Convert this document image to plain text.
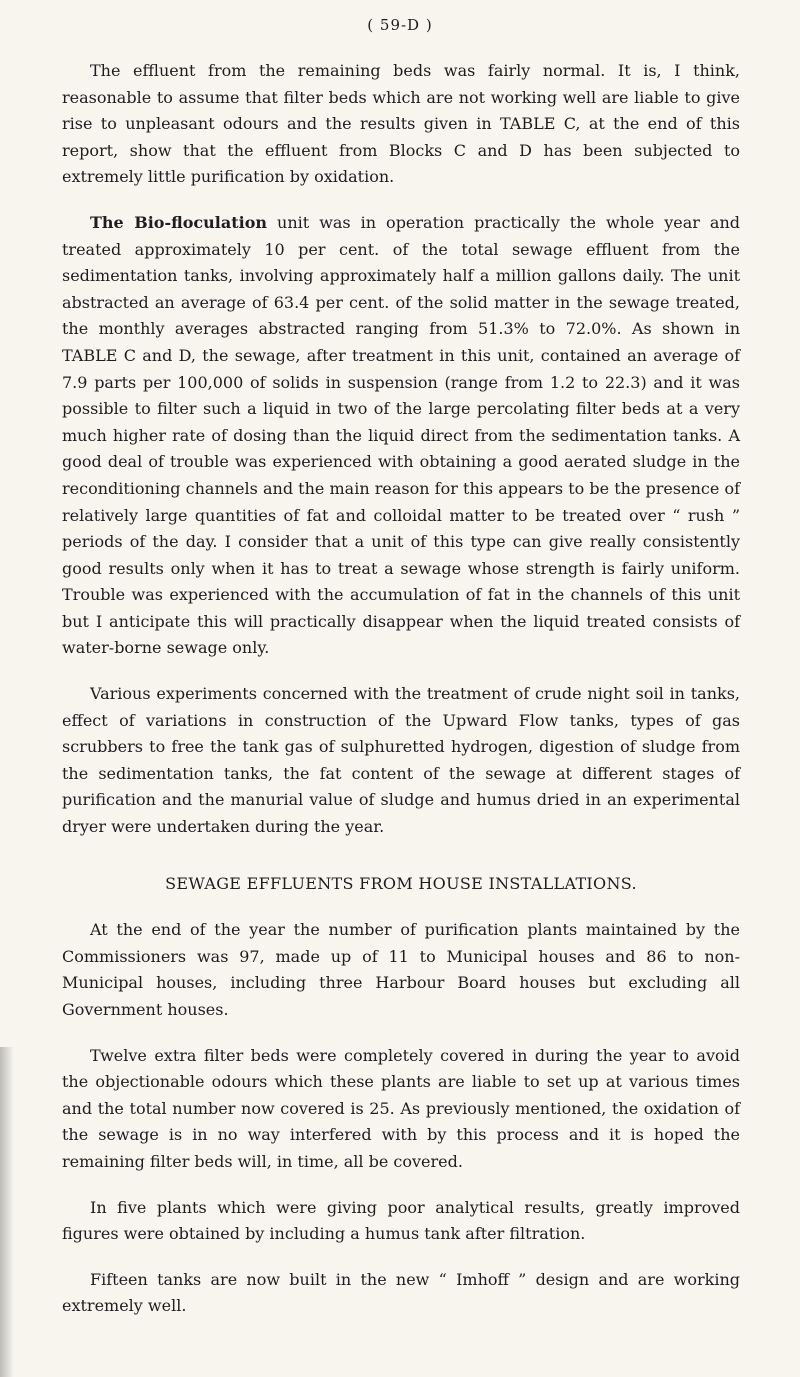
( 59-D )

The effluent from the remaining beds was fairly normal. It is, I think, reasonable to assume that filter beds which are not working well are liable to give rise to unpleasant odours and the results given in TABLE C, at the end of this report, show that the effluent from Blocks C and D has been subjected to extremely little purification by oxidation.

The Bio-floculation unit was in operation practically the whole year and treated approximately 10 per cent. of the total sewage effluent from the sedimentation tanks, involving approximately half a million gallons daily. The unit abstracted an average of 63.4 per cent. of the solid matter in the sewage treated, the monthly averages abstracted ranging from 51.3% to 72.0%. As shown in TABLE C and D, the sewage, after treatment in this unit, contained an average of 7.9 parts per 100,000 of solids in suspension (range from 1.2 to 22.3) and it was possible to filter such a liquid in two of the large percolating filter beds at a very much higher rate of dosing than the liquid direct from the sedimentation tanks. A good deal of trouble was experienced with obtaining a good aerated sludge in the reconditioning channels and the main reason for this appears to be the presence of relatively large quantities of fat and colloidal matter to be treated over “ rush ” periods of the day. I consider that a unit of this type can give really consistently good results only when it has to treat a sewage whose strength is fairly uniform. Trouble was experienced with the accumulation of fat in the channels of this unit but I anticipate this will practically disappear when the liquid treated consists of water-borne sewage only.

Various experiments concerned with the treatment of crude night soil in tanks, effect of variations in construction of the Upward Flow tanks, types of gas scrubbers to free the tank gas of sulphuretted hydrogen, digestion of sludge from the sedimentation tanks, the fat content of the sewage at different stages of purification and the manurial value of sludge and humus dried in an experimental dryer were undertaken during the year.

SEWAGE EFFLUENTS FROM HOUSE INSTALLATIONS.

At the end of the year the number of purification plants maintained by the Commissioners was 97, made up of 11 to Municipal houses and 86 to non-Municipal houses, including three Harbour Board houses but excluding all Government houses.

Twelve extra filter beds were completely covered in during the year to avoid the objectionable odours which these plants are liable to set up at various times and the total number now covered is 25. As previously mentioned, the oxidation of the sewage is in no way interfered with by this process and it is hoped the remaining filter beds will, in time, all be covered.

In five plants which were giving poor analytical results, greatly improved figures were obtained by including a humus tank after filtration.

Fifteen tanks are now built in the new “ Imhoff ” design and are working extremely well.
